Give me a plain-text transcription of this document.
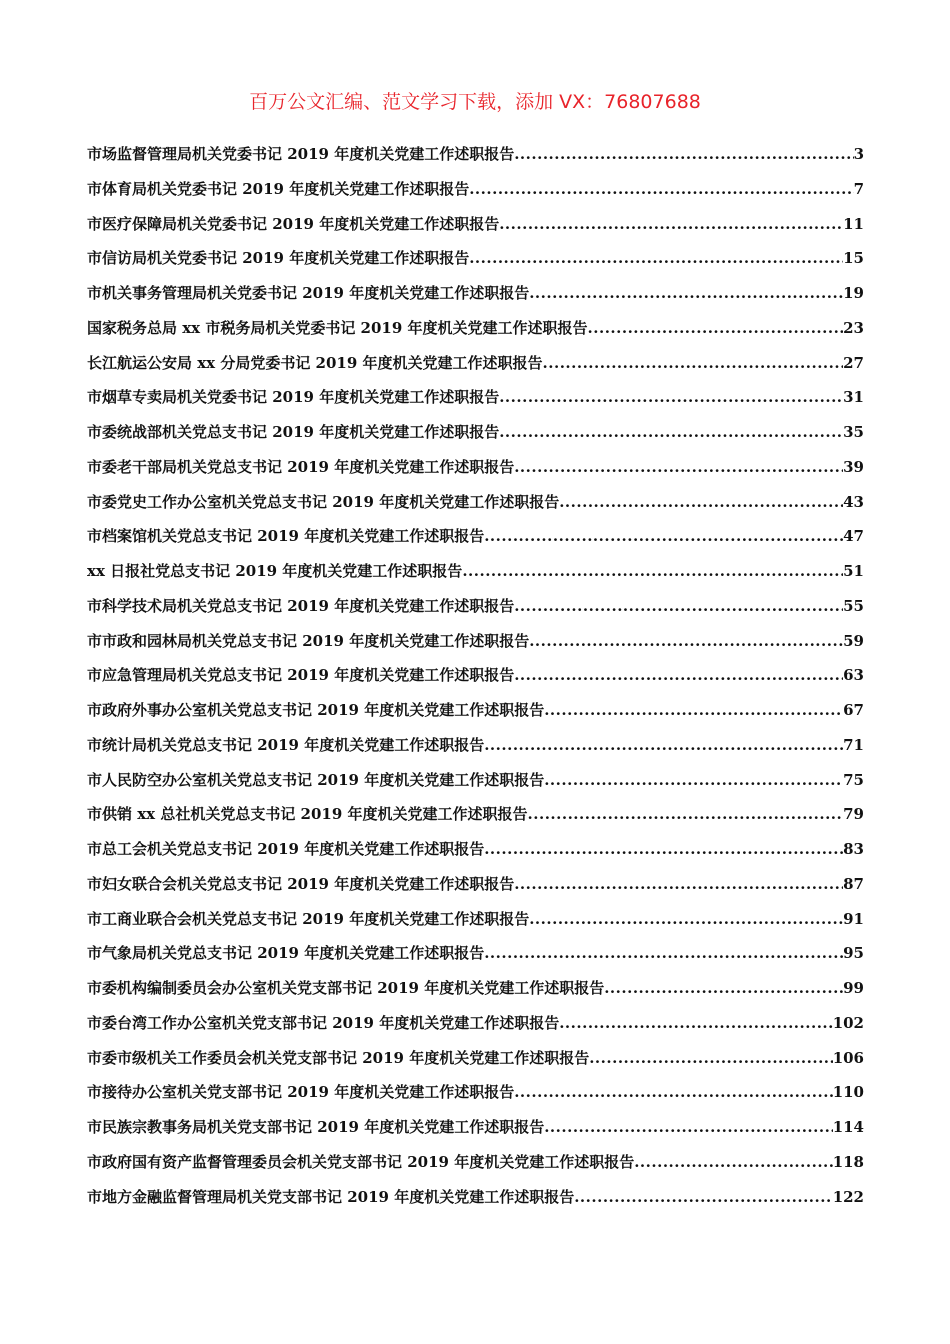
百万公文汇编、范文学习下载，添加 VX：76807688
市场监督管理局机关党委书记 2019 年度机关党建工作述职报告 .....	3
市体育局机关党委书记 2019 年度机关党建工作述职报告 .....	7
市医疗保障局机关党委书记 2019 年度机关党建工作述职报告 .....	11
市信访局机关党委书记 2019 年度机关党建工作述职报告 .....	15
市机关事务管理局机关党委书记 2019 年度机关党建工作述职报告 .....	19
国家税务总局 xx 市税务局机关党委书记 2019 年度机关党建工作述职报告 .....	23
长江航运公安局 xx 分局党委书记 2019 年度机关党建工作述职报告 .....	27
市烟草专卖局机关党委书记 2019 年度机关党建工作述职报告 .....	31
市委统战部机关党总支书记 2019 年度机关党建工作述职报告 .....	35
市委老干部局机关党总支书记 2019 年度机关党建工作述职报告 .....	39
市委党史工作办公室机关党总支书记 2019 年度机关党建工作述职报告 .....	43
市档案馆机关党总支书记 2019 年度机关党建工作述职报告 .....	47
xx 日报社党总支书记 2019 年度机关党建工作述职报告 .....	51
市科学技术局机关党总支书记 2019 年度机关党建工作述职报告 .....	55
市市政和园林局机关党总支书记 2019 年度机关党建工作述职报告 .....	59
市应急管理局机关党总支书记 2019 年度机关党建工作述职报告 .....	63
市政府外事办公室机关党总支书记 2019 年度机关党建工作述职报告 .....	67
市统计局机关党总支书记 2019 年度机关党建工作述职报告 .....	71
市人民防空办公室机关党总支书记 2019 年度机关党建工作述职报告 .....	75
市供销 xx 总社机关党总支书记 2019 年度机关党建工作述职报告 .....	79
市总工会机关党总支书记 2019 年度机关党建工作述职报告 .....	83
市妇女联合会机关党总支书记 2019 年度机关党建工作述职报告 .....	87
市工商业联合会机关党总支书记 2019 年度机关党建工作述职报告 .....	91
市气象局机关党总支书记 2019 年度机关党建工作述职报告 .....	95
市委机构编制委员会办公室机关党支部书记 2019 年度机关党建工作述职报告 .....	99
市委台湾工作办公室机关党支部书记 2019 年度机关党建工作述职报告 .....	102
市委市级机关工作委员会机关党支部书记 2019 年度机关党建工作述职报告 .....	106
市接待办公室机关党支部书记 2019 年度机关党建工作述职报告 .....	110
市民族宗教事务局机关党支部书记 2019 年度机关党建工作述职报告 .....	114
市政府国有资产监督管理委员会机关党支部书记 2019 年度机关党建工作述职报告 .....	118
市地方金融监督管理局机关党支部书记 2019 年度机关党建工作述职报告 .....	122
